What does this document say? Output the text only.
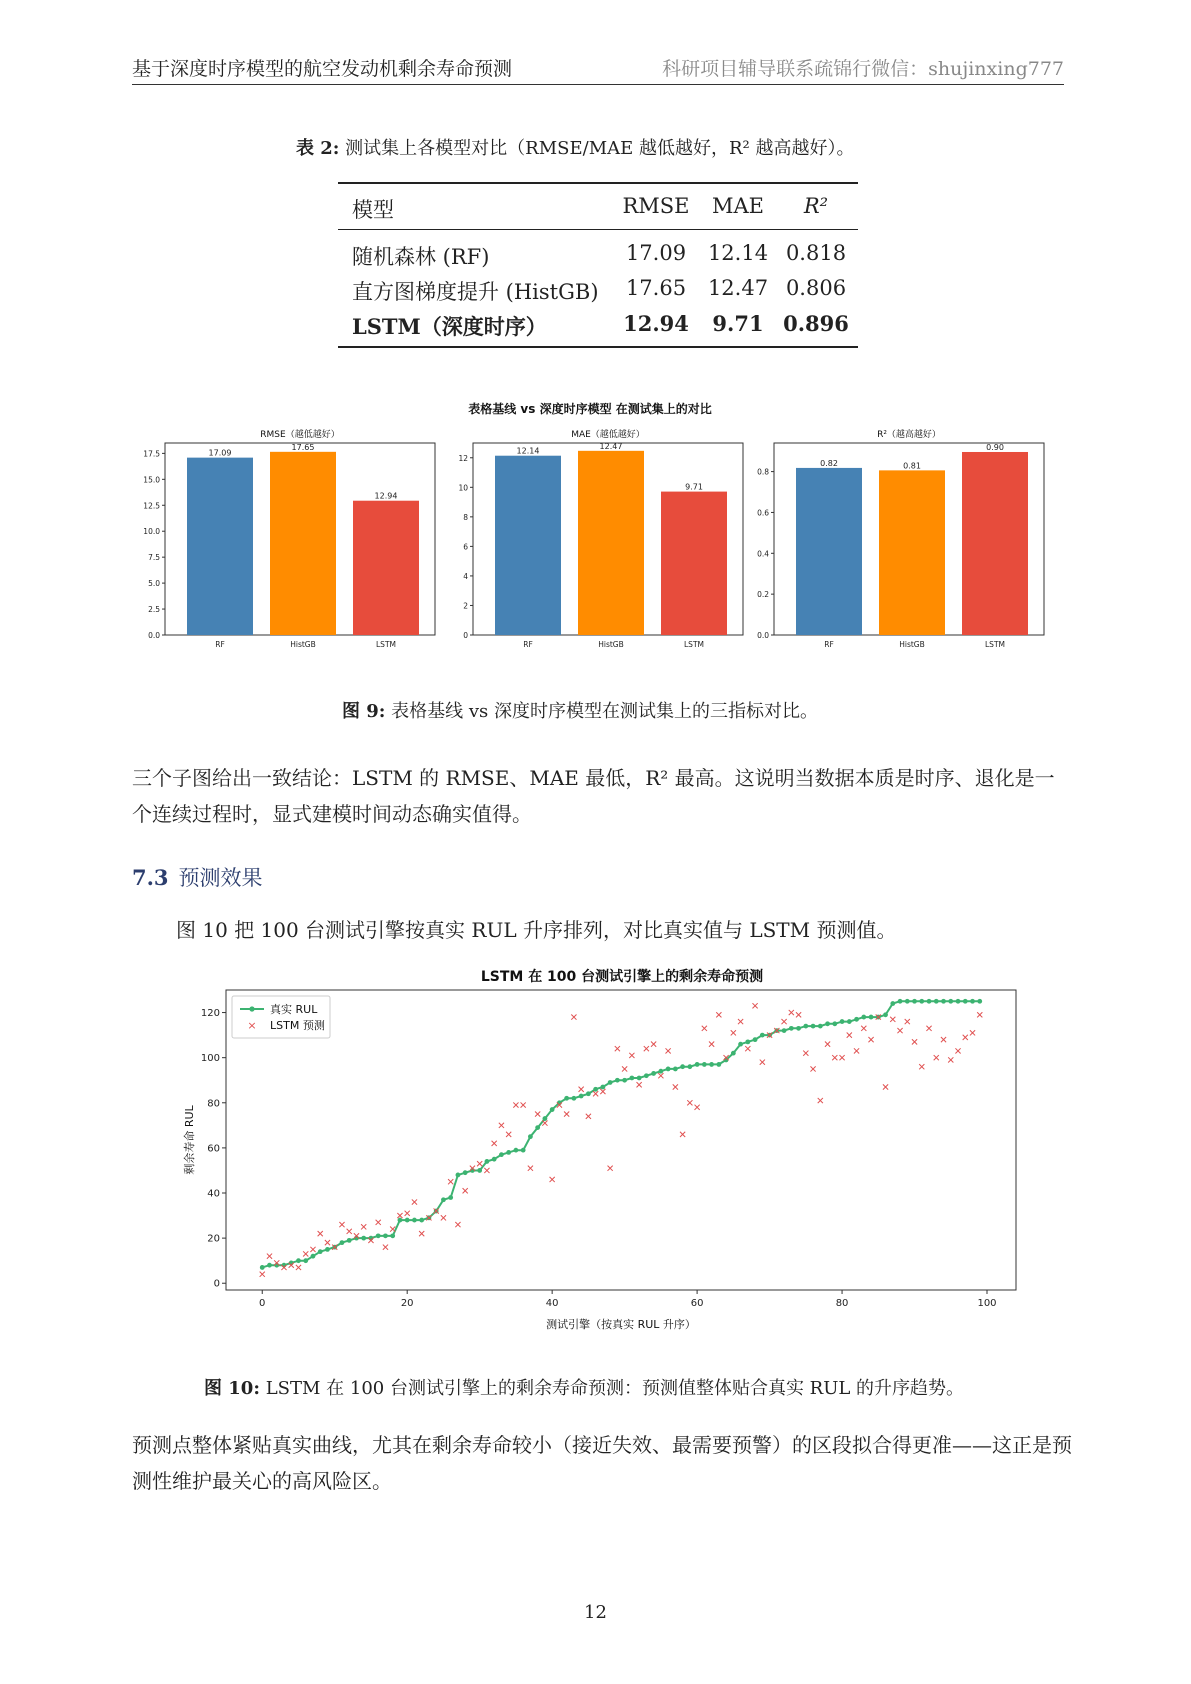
基于深度时序模型的航空发动机剩余寿命预测	科研项目辅导联系疏锦行微信：shujinxing777
表 2: 测试集上各模型对比（RMSE/MAE 越低越好，R² 越高越好）。
模型	RMSE	MAE	R²
随机森林 (RF)	17.09	12.14 0.818
直方图梯度提升 (HistGB)	17.65	12.47 0.806
LSTM（深度时序）	12.94	9.71 0.896
表格基线 vs 深度时序模型 在测试集上的对比
RMSE（越低越好）
0.0
2.5
5.0
7.5
10.0
12.5
15.0
17.5	17.09
RF
17.65
HistGB
12.94
LSTM
MAE（越低越好）
0
2
4
6
8
10
12
12.14
RF
12.47
HistGB
9.71
LSTM
R²（越高越好）
0.0
0.2
0.4
0.6
0.8
0.82
RF
0.81
HistGB
0.90
LSTM
图 9: 表格基线 vs 深度时序模型在测试集上的三指标对比。
三个子图给出一致结论：LSTM 的 RMSE、MAE 最低，R² 最高。这说明当数据本质是时序、退化是一个连续过程时，显式建模时间动态确实值得。
7.3 预测效果
图 10 把 100 台测试引擎按真实 RUL 升序排列，对比真实值与 LSTM 预测值。
LSTM 在 100 台测试引擎上的剩余寿命预测
0	20	40	60	80	100
0
20
40
60
80
100
120
测试引擎（按真实 RUL 升序）
剩余寿命 RUL
真实 RUL
× LSTM 预测
图 10: LSTM 在 100 台测试引擎上的剩余寿命预测：预测值整体贴合真实 RUL 的升序趋势。
预测点整体紧贴真实曲线，尤其在剩余寿命较小（接近失效、最需要预警）的区段拟合得更准——这正是预测性维护最关心的高风险区。
12
